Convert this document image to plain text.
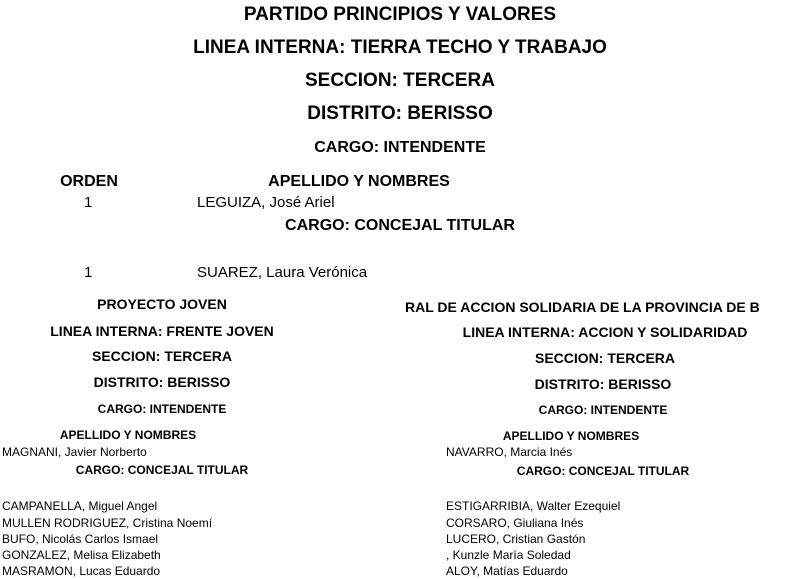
PARTIDO PRINCIPIOS Y VALORES
LINEA INTERNA: TIERRA TECHO Y TRABAJO
SECCION: TERCERA
DISTRITO: BERISSO
CARGO: INTENDENTE
ORDEN	APELLIDO Y NOMBRES
1	LEGUIZA, José Ariel
CARGO: CONCEJAL TITULAR
1	SUAREZ, Laura Verónica
PROYECTO JOVEN
LINEA INTERNA: FRENTE JOVEN
SECCION: TERCERA
DISTRITO: BERISSO
CARGO: INTENDENTE
APELLIDO Y NOMBRES
MAGNANI, Javier Norberto
CARGO: CONCEJAL TITULAR
CAMPANELLA, Miguel Angel
MULLEN RODRIGUEZ, Cristina Noemí
BUFO, Nicolás Carlos Ismael
GONZALEZ, Melisa Elizabeth
MASRAMON, Lucas Eduardo
RAL DE ACCION SOLIDARIA DE LA PROVINCIA DE B
LINEA INTERNA: ACCION Y SOLIDARIDAD
SECCION: TERCERA
DISTRITO: BERISSO
CARGO: INTENDENTE
APELLIDO Y NOMBRES
NAVARRO, Marcia Inés
CARGO: CONCEJAL TITULAR
ESTIGARRIBIA, Walter Ezequiel
CORSARO, Giuliana Inés
LUCERO, Cristian Gastón
, Kunzle María Soledad
ALOY, Matías Eduardo
